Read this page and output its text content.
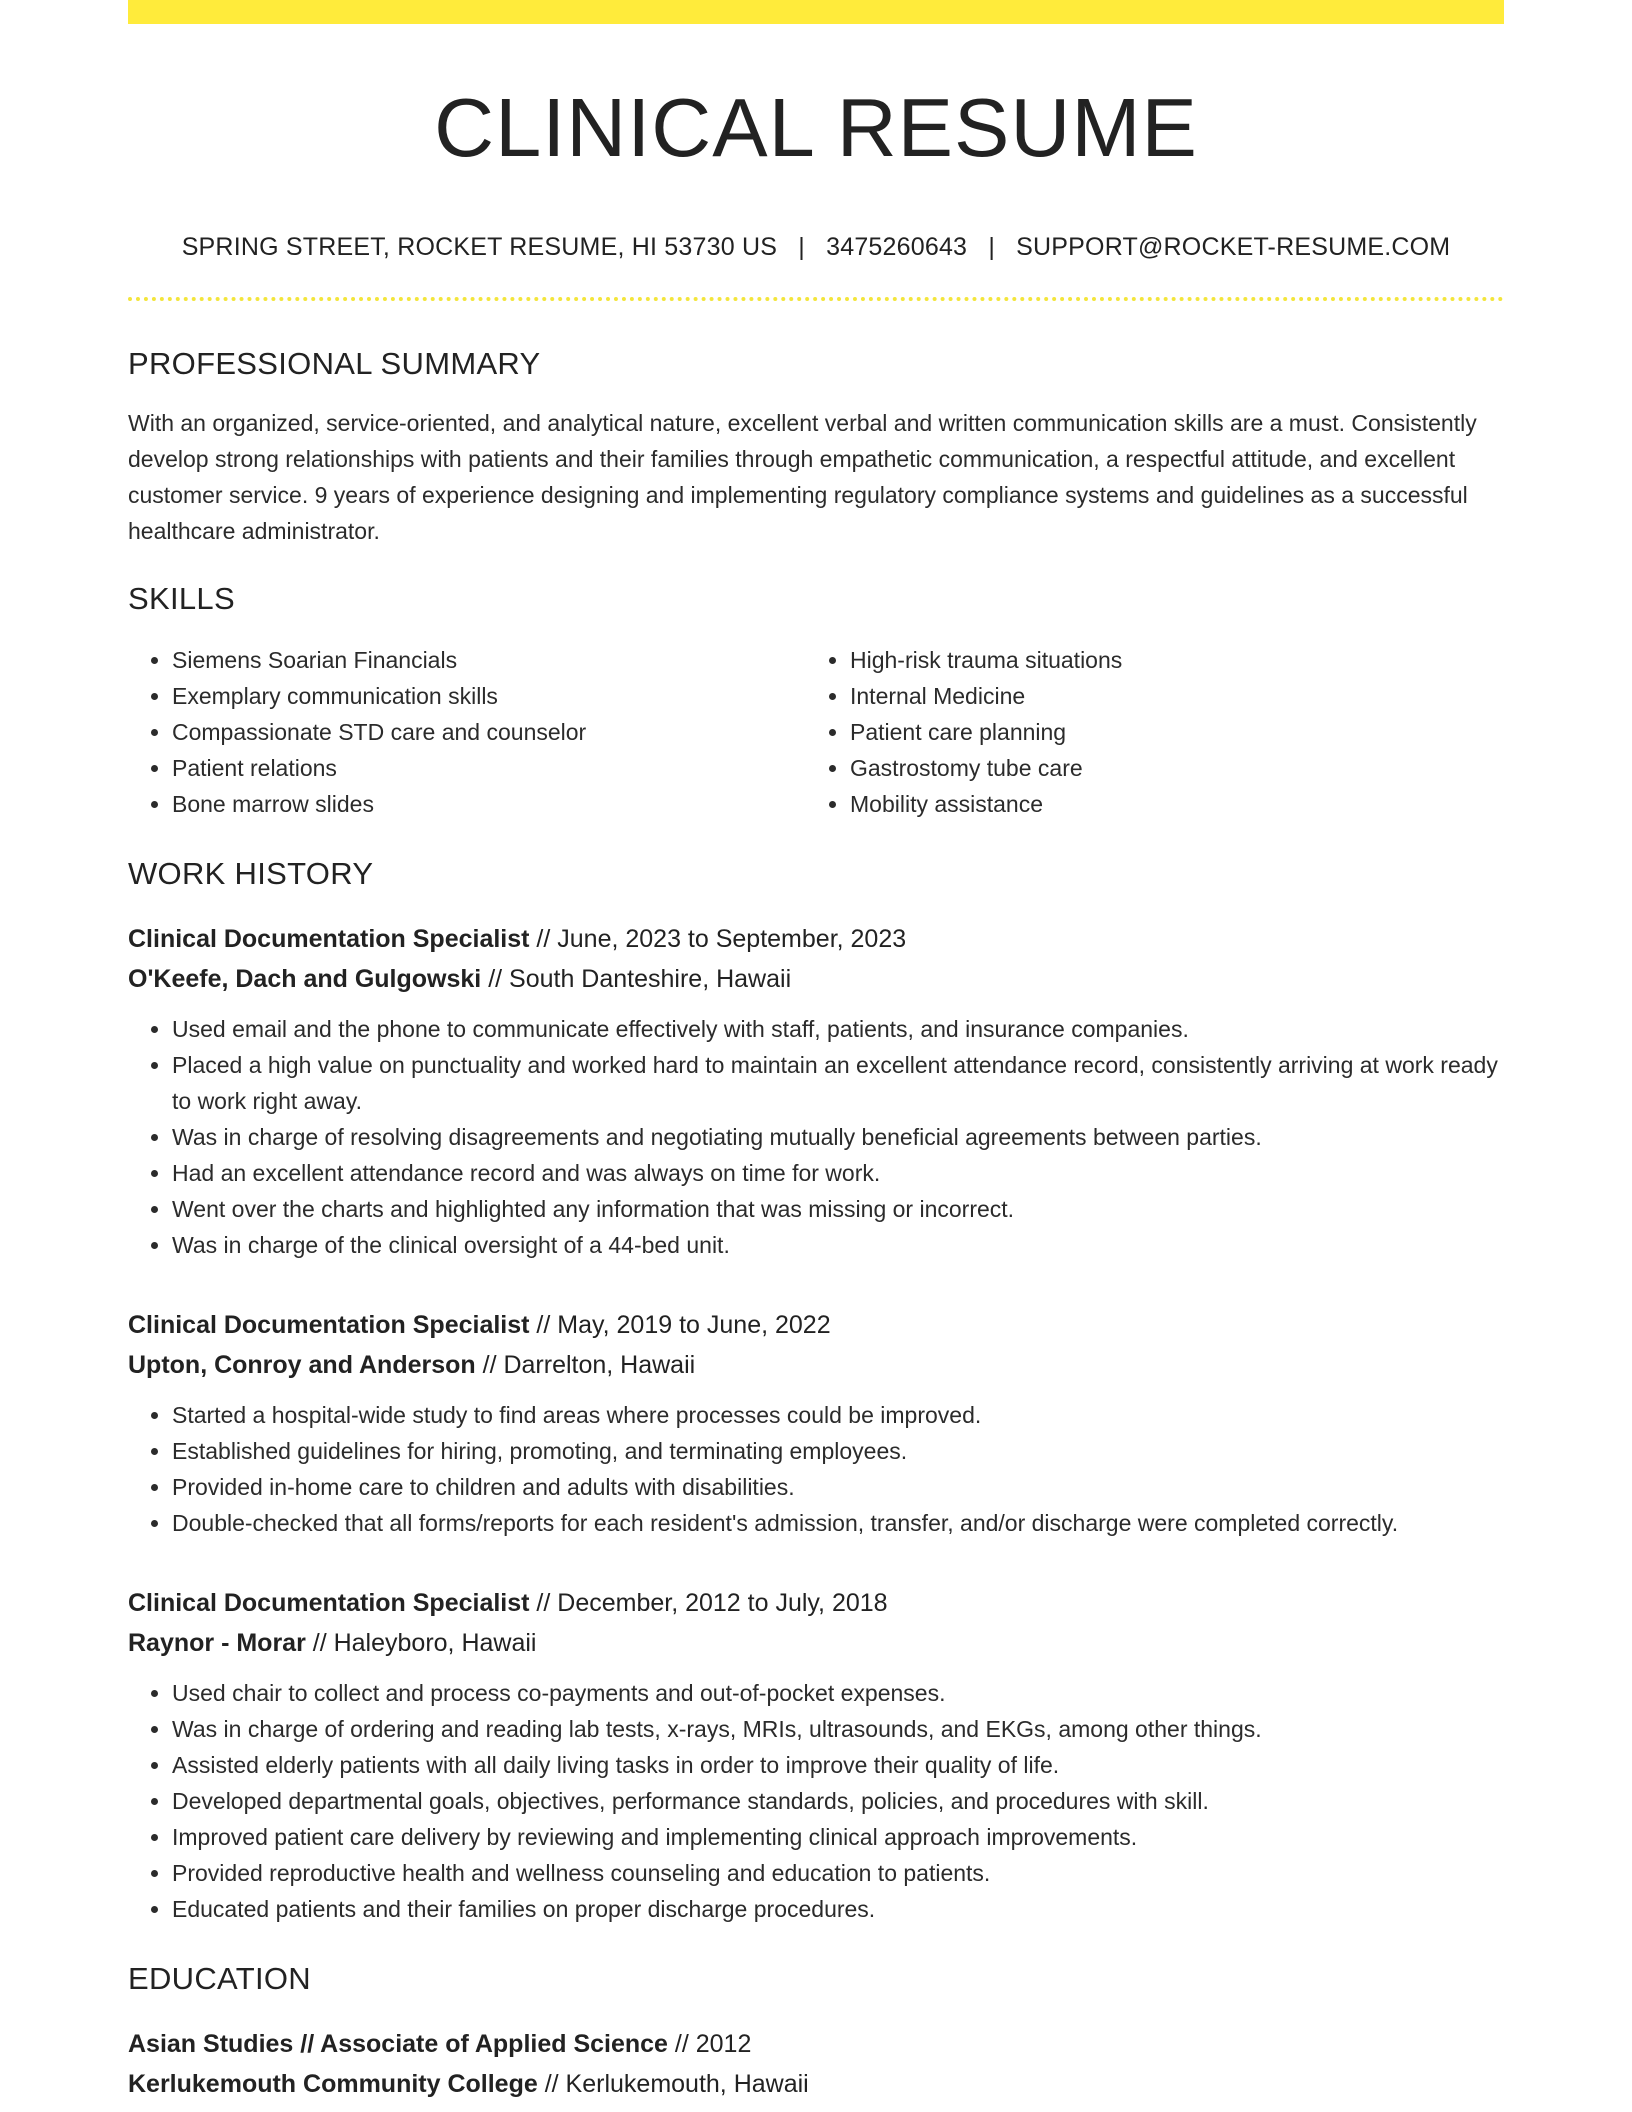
CLINICAL RESUME
SPRING STREET, ROCKET RESUME, HI 53730 US | 3475260643 | SUPPORT@ROCKET-RESUME.COM
PROFESSIONAL SUMMARY

With an organized, service-oriented, and analytical nature, excellent verbal and written communication skills are a must. Consistently develop strong relationships with patients and their families through empathetic communication, a respectful attitude, and excellent customer service. 9 years of experience designing and implementing regulatory compliance systems and guidelines as a successful healthcare administrator.

SKILLS
• Siemens Soarian Financials
• Exemplary communication skills
• Compassionate STD care and counselor
• Patient relations
• Bone marrow slides
• High-risk trauma situations
• Internal Medicine
• Patient care planning
• Gastrostomy tube care
• Mobility assistance
WORK HISTORY
Clinical Documentation Specialist // June, 2023 to September, 2023
O'Keefe, Dach and Gulgowski // South Danteshire, Hawaii
• Used email and the phone to communicate effectively with staff, patients, and insurance companies.
• Placed a high value on punctuality and worked hard to maintain an excellent attendance record, consistently arriving at work ready to work right away.
• Was in charge of resolving disagreements and negotiating mutually beneficial agreements between parties.
• Had an excellent attendance record and was always on time for work.
• Went over the charts and highlighted any information that was missing or incorrect.
• Was in charge of the clinical oversight of a 44-bed unit.
Clinical Documentation Specialist // May, 2019 to June, 2022
Upton, Conroy and Anderson // Darrelton, Hawaii
• Started a hospital-wide study to find areas where processes could be improved.
• Established guidelines for hiring, promoting, and terminating employees.
• Provided in-home care to children and adults with disabilities.
• Double-checked that all forms/reports for each resident's admission, transfer, and/or discharge were completed correctly.
Clinical Documentation Specialist // December, 2012 to July, 2018
Raynor - Morar // Haleyboro, Hawaii
• Used chair to collect and process co-payments and out-of-pocket expenses.
• Was in charge of ordering and reading lab tests, x-rays, MRIs, ultrasounds, and EKGs, among other things.
• Assisted elderly patients with all daily living tasks in order to improve their quality of life.
• Developed departmental goals, objectives, performance standards, policies, and procedures with skill.
• Improved patient care delivery by reviewing and implementing clinical approach improvements.
• Provided reproductive health and wellness counseling and education to patients.
• Educated patients and their families on proper discharge procedures.
EDUCATION
Asian Studies // Associate of Applied Science // 2012
Kerlukemouth Community College // Kerlukemouth, Hawaii
